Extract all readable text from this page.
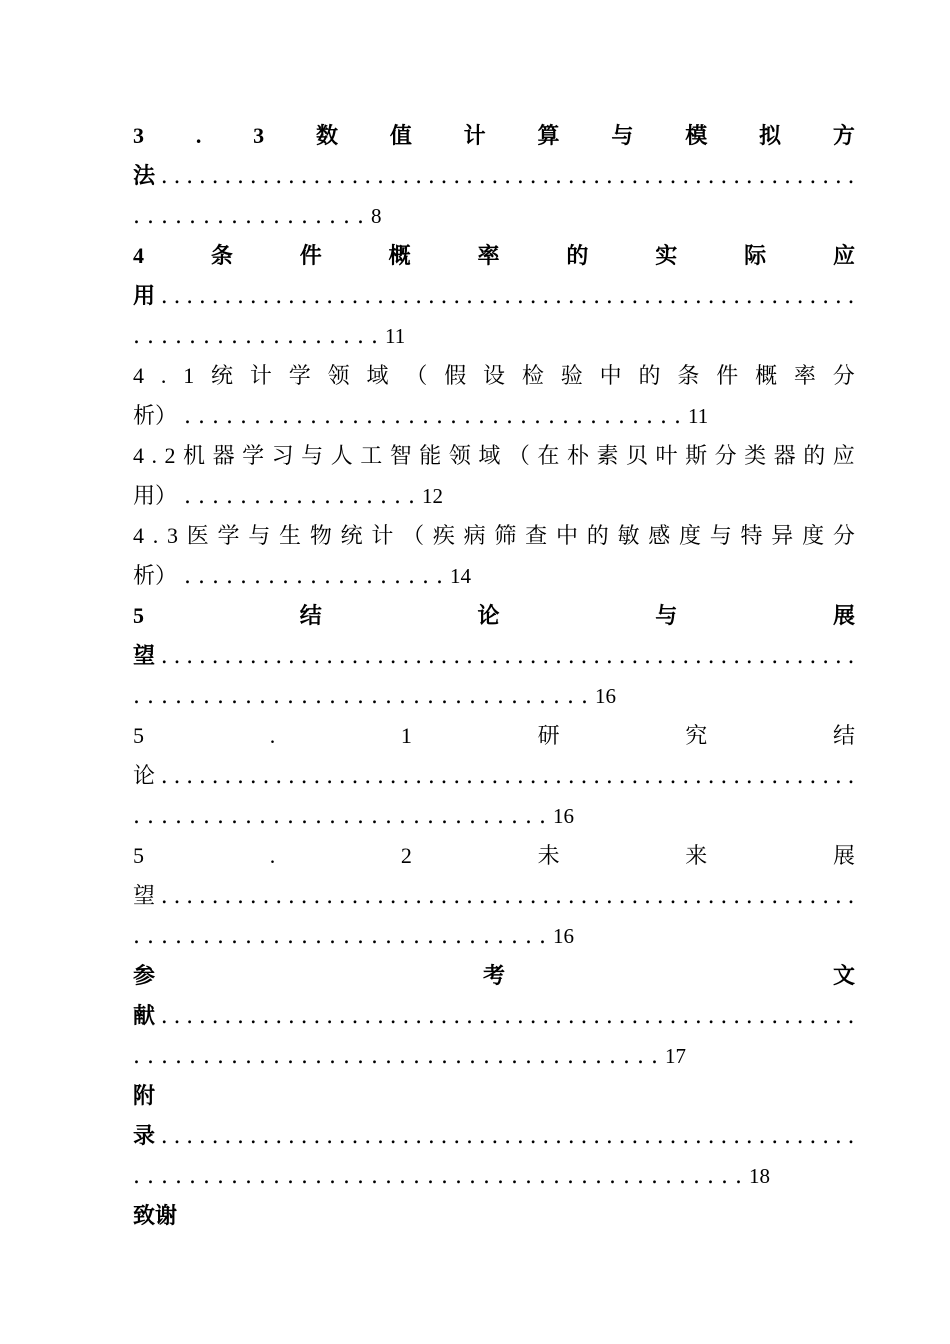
3 . 3 数 值 计 算 与 模 拟 方
法 . . . . . . . . . . . . . . . . . . . . . . . . . . . . . . . . . . . . . . . . . . . . . . . . . . . . . . .
. . . . . . . . . . . . . . . . . 8
4	条	件	概	率	的	实	际	应
用 . . . . . . . . . . . . . . . . . . . . . . . . . . . . . . . . . . . . . . . . . . . . . . . . . . . . . . .
. . . . . . . . . . . . . . . . . . 11
4 . 1 统 计 学 领 域 （ 假 设 检 验 中 的 条 件 概 率 分
析） . . . . . . . . . . . . . . . . . . . . . . . . . . . . . . . . . . . . 11
4 . 2 机 器 学 习 与 人 工 智 能 领 域 （ 在 朴 素 贝 叶 斯 分 类 器 的 应
用） . . . . . . . . . . . . . . . . . 12
4 . 3 医 学 与 生 物 统 计 （ 疾 病 筛 查 中 的 敏 感 度 与 特 异 度 分
析） . . . . . . . . . . . . . . . . . . . 14
5	结	论	与	展
望 . . . . . . . . . . . . . . . . . . . . . . . . . . . . . . . . . . . . . . . . . . . . . . . . . . . . . . .
. . . . . . . . . . . . . . . . . . . . . . . . . . . . . . . . . 16
5	.	1	研	究	结
论 . . . . . . . . . . . . . . . . . . . . . . . . . . . . . . . . . . . . . . . . . . . . . . . . . . . . . . .
. . . . . . . . . . . . . . . . . . . . . . . . . . . . . . 16
5	.	2	未	来	展
望 . . . . . . . . . . . . . . . . . . . . . . . . . . . . . . . . . . . . . . . . . . . . . . . . . . . . . . .
. . . . . . . . . . . . . . . . . . . . . . . . . . . . . . 16
参	考	文
献 . . . . . . . . . . . . . . . . . . . . . . . . . . . . . . . . . . . . . . . . . . . . . . . . . . . . . . .
. . . . . . . . . . . . . . . . . . . . . . . . . . . . . . . . . . . . . . 17
附
录 . . . . . . . . . . . . . . . . . . . . . . . . . . . . . . . . . . . . . . . . . . . . . . . . . . . . . . .
. . . . . . . . . . . . . . . . . . . . . . . . . . . . . . . . . . . . . . . . . . . . 18
致谢
